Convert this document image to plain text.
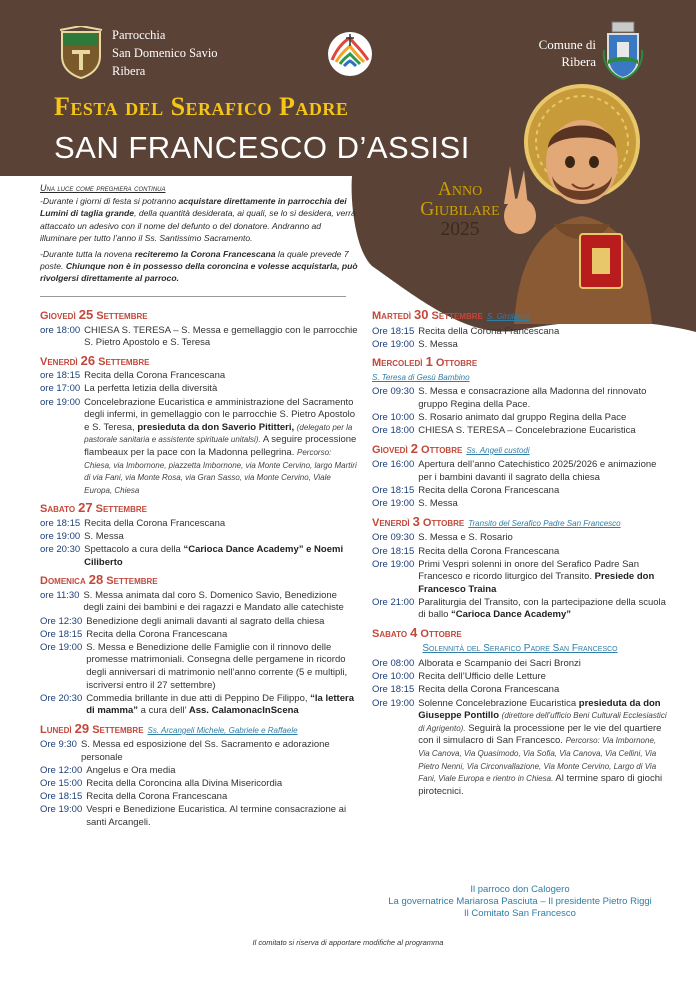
Parrocchia
San Domenico Savio
Ribera
Comune di
Ribera
Festa del Serafico Padre
SAN FRANCESCO D’ASSISI
Anno
Giubilare
2025
Una luce come preghiera continua

-Durante i giorni di festa si potranno acquistare direttamente in parrocchia dei Lumini di taglia grande, della quantità desiderata, ai quali, se lo si desidera, verrà attaccato un adesivo con il nome del defunto o del donatore. Andranno ad illuminare per tutto l’anno il Ss. Santissimo Sacramento.

-Durante tutta la novena reciteremo la Corona Francescana la quale prevede 7 poste. Chiunque non è in possesso della coroncina e volesse acquistarla, può rivolgersi direttamente al parroco.

Giovedì 25 Settembre
ore 18:00 CHIESA S. TERESA – S. Messa e gemellaggio con le parrocchie S. Pietro Apostolo e S. Teresa
Venerdì 26 Settembre
ore 18:15 Recita della Corona Francescana
ore 17:00 La perfetta letizia della diversità
ore 19:00 Concelebrazione Eucaristica e amministrazione del Sacramento degli infermi, in gemellaggio con le parrocchie S. Pietro Apostolo e S. Teresa, presieduta da don Saverio Pititteri, (delegato per la pastorale sanitaria e assistente spirituale unitalsi). A seguire processione flambeaux per la pace con la Madonna pellegrina. Percorso: Chiesa, via Imbornone, piazzetta Imbornone, via Monte Cervino, largo Martiri di via Fani, via Monte Rosa, via Gran Sasso, via Monte Cervino, Viale Europa, Chiesa
Sabato 27 Settembre
ore 18:15 Recita della Corona Francescana
ore 19:00 S. Messa
ore 20:30 Spettacolo a cura della “Carioca Dance Academy” e Noemi Ciliberto
Domenica 28 Settembre
ore 11:30 S. Messa animata dal coro S. Domenico Savio, Benedizione degli zaini dei bambini e dei ragazzi e Mandato alle catechiste
Ore 12:30 Benedizione degli animali davanti al sagrato della chiesa
Ore 18:15 Recita della Corona Francescana
Ore 19:00 S. Messa e Benedizione delle Famiglie con il rinnovo delle promesse matrimoniali. Consegna delle pergamene in ricordo degli anniversari di matrimonio nell’anno corrente (5 e multipli, iscriversi entro il 27 settembre)
Ore 20:30 Commedia brillante in due atti di Peppino De Filippo, “la lettera di mamma” a cura dell’ Ass. CalamonacInScena
Lunedì 29 Settembre Ss. Arcangeli Michele, Gabriele e Raffaele
Ore 9:30 S. Messa ed esposizione del Ss. Sacramento e adorazione personale
Ore 12:00 Angelus e Ora media
Ore 15:00 Recita della Coroncina alla Divina Misericordia
Ore 18:15 Recita della Corona Francescana
Ore 19:00 Vespri e Benedizione Eucaristica. Al termine consacrazione ai santi Arcangeli.
Martedì 30 Settembre S. Girolamo
Ore 18:15 Recita della Corona Francescana
Ore 19:00 S. Messa
Mercoledì 1 Ottobre
S. Teresa di Gesù Bambino
Ore 09:30 S. Messa e consacrazione alla Madonna del rinnovato gruppo Regina della Pace.
Ore 10:00 S. Rosario animato dal gruppo Regina della Pace
Ore 18:00 CHIESA S. TERESA – Concelebrazione Eucaristica
Giovedì 2 Ottobre Ss. Angeli custodi
Ore 16:00 Apertura dell’anno Catechistico 2025/2026 e animazione per i bambini davanti il sagrato della chiesa
Ore 18:15 Recita della Corona Francescana
Ore 19:00 S. Messa
Venerdì 3 Ottobre Transito del Serafico Padre San Francesco
Ore 09:30 S. Messa e S. Rosario
Ore 18:15 Recita della Corona Francescana
Ore 19:00 Primi Vespri solenni in onore del Serafico Padre San Francesco e ricordo liturgico del Transito. Presiede don Francesco Traina
Ore 21:00 Paraliturgia del Transito, con la partecipazione della scuola di ballo “Carioca Dance Academy”
Sabato 4 Ottobre
Solennità del Serafico Padre San Francesco
Ore 08:00 Alborata e Scampanio dei Sacri Bronzi
Ore 10:00 Recita dell’Ufficio delle Letture
Ore 18:15 Recita della Corona Francescana
Ore 19:00 Solenne Concelebrazione Eucaristica presieduta da don Giuseppe Pontillo (direttore dell’ufficio Beni Culturali Ecclesiastici di Agrigento). Seguirà la processione per le vie del quartiere con il simulacro di San Francesco. Percorso: Via Imbornone, Via Canova, Via Quasimodo, Via Sofia, Via Canova, Via Cellini, Via Pietro Nenni, Via Circonvallazione, Via Monte Cervino, Largo di Via Fani, Viale Europa e rientro in Chiesa. Al termine sparo di giochi pirotecnici.
Il parroco don Calogero
La governatrice Mariarosa Pasciuta – Il presidente Pietro Riggi
Il Comitato San Francesco
Il comitato si riserva di apportare modifiche al programma
